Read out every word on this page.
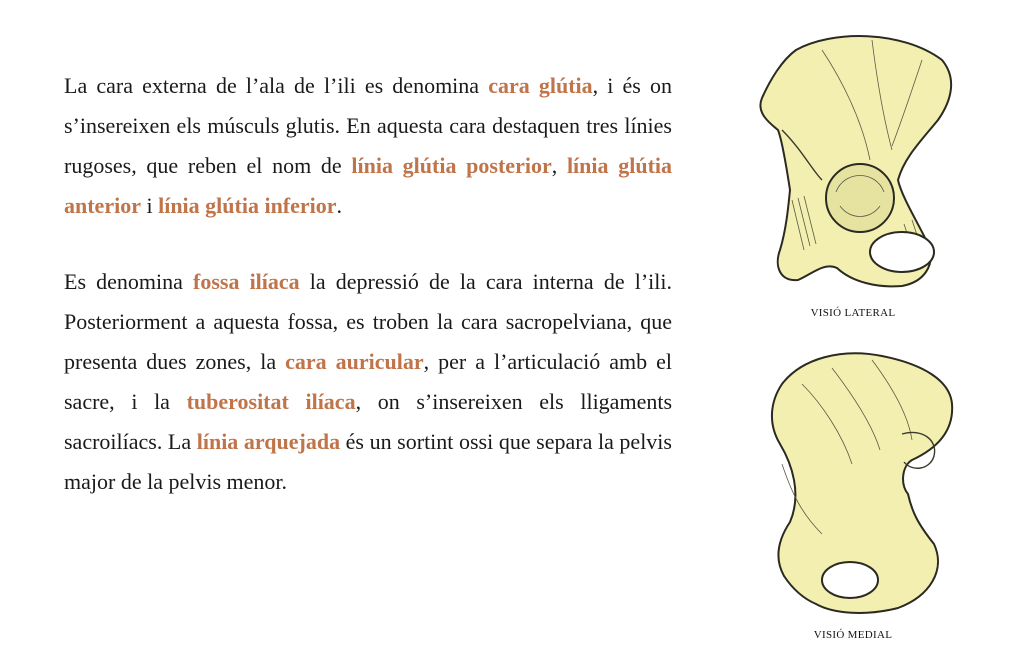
La cara externa de l’ala de l’ili es denomina cara glútia, i és on s’insereixen els músculs glutis. En aquesta cara destaquen tres línies rugoses, que reben el nom de línia glútia posterior, línia glútia anterior i línia glútia inferior.

Es denomina fossa ilíaca la depressió de la cara interna de l’ili. Posteriorment a aquesta fossa, es troben la cara sacropelviana, que presenta dues zones, la cara auricular, per a l’articulació amb el sacre, i la tuberositat ilíaca, on s’insereixen els lligaments sacroilíacs. La línia arquejada és un sortint ossi que separa la pelvis major de la pelvis menor.

VISIÓ LATERAL
VISIÓ MEDIAL
